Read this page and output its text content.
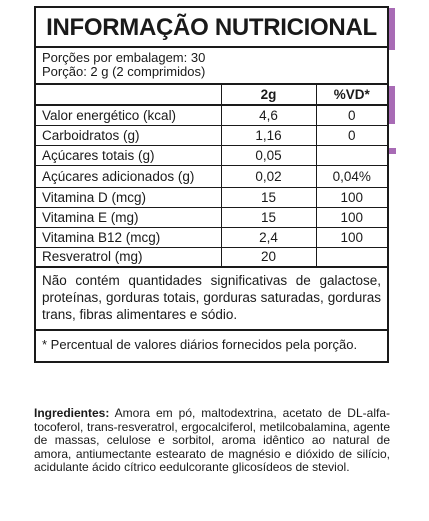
INFORMAÇÃO NUTRICIONAL
Porções por embalagem: 30
Porção: 2 g (2 comprimidos)
	2g	%VD*
Valor energético (kcal)	4,6	0
Carboidratos (g)	1,16	0
Açúcares totais (g)	0,05	
Açúcares adicionados (g)	0,02	0,04%
Vitamina D (mcg)	15	100
Vitamina E (mg)	15	100
Vitamina B12 (mcg)	2,4	100
Resveratrol (mg)	20	
Não contém quantidades significativas de galactose, proteínas, gorduras totais, gorduras saturadas, gorduras trans, fibras alimentares e sódio.
* Percentual de valores diários fornecidos pela porção.
Ingredientes: Amora em pó, maltodextrina, acetato de DL-alfa-tocoferol, trans-resveratrol, ergocalciferol, metilcobalamina, agente de massas, celulose e sorbitol, aroma idêntico ao natural de amora, antiumectante estearato de magnésio e dióxido de silício, acidulante ácido cítrico eedulcorante glicosídeos de steviol.
